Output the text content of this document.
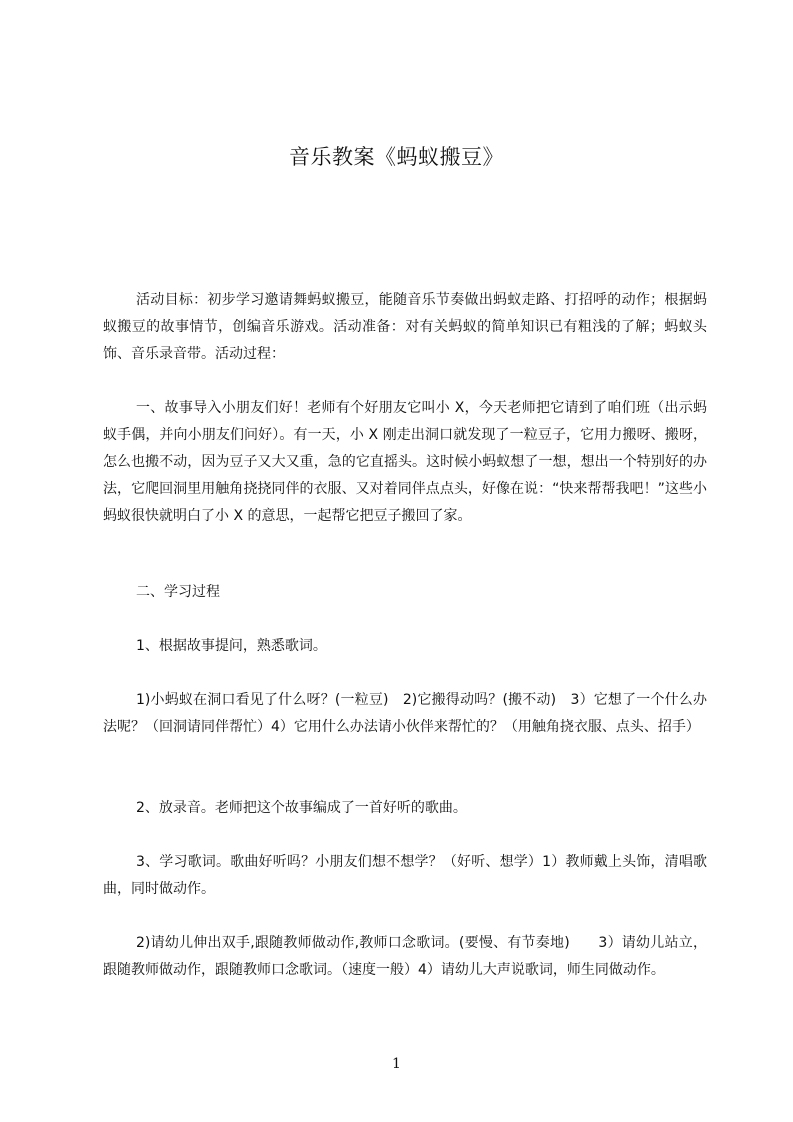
音乐教案《蚂蚁搬豆》
活动目标：初步学习邀请舞蚂蚁搬豆，能随音乐节奏做出蚂蚁走路、打招呼的动作；根据蚂蚁搬豆的故事情节，创编音乐游戏。活动准备：对有关蚂蚁的简单知识已有粗浅的了解；蚂蚁头饰、音乐录音带。活动过程：
一、故事导入小朋友们好！老师有个好朋友它叫小 X，今天老师把它请到了咱们班（出示蚂蚁手偶，并向小朋友们问好）。有一天，小 X 刚走出洞口就发现了一粒豆子，它用力搬呀、搬呀，怎么也搬不动，因为豆子又大又重，急的它直摇头。这时候小蚂蚁想了一想，想出一个特别好的办法，它爬回洞里用触角挠挠同伴的衣服、又对着同伴点点头，好像在说：“快来帮帮我吧！”这些小蚂蚁很快就明白了小 X 的意思，一起帮它把豆子搬回了家。
二、学习过程
1、根据故事提问，熟悉歌词。
1)小蚂蚁在洞口看见了什么呀？(一粒豆)　2)它搬得动吗？(搬不动)　3）它想了一个什么办法呢？（回洞请同伴帮忙）4）它用什么办法请小伙伴来帮忙的？（用触角挠衣服、点头、招手）
2、放录音。老师把这个故事编成了一首好听的歌曲。
3、学习歌词。歌曲好听吗？小朋友们想不想学？（好听、想学）1）教师戴上头饰，清唱歌曲，同时做动作。
2)请幼儿伸出双手,跟随教师做动作,教师口念歌词。(要慢、有节奏地)　　3）请幼儿站立，跟随教师做动作，跟随教师口念歌词。（速度一般）4）请幼儿大声说歌词，师生同做动作。
1
